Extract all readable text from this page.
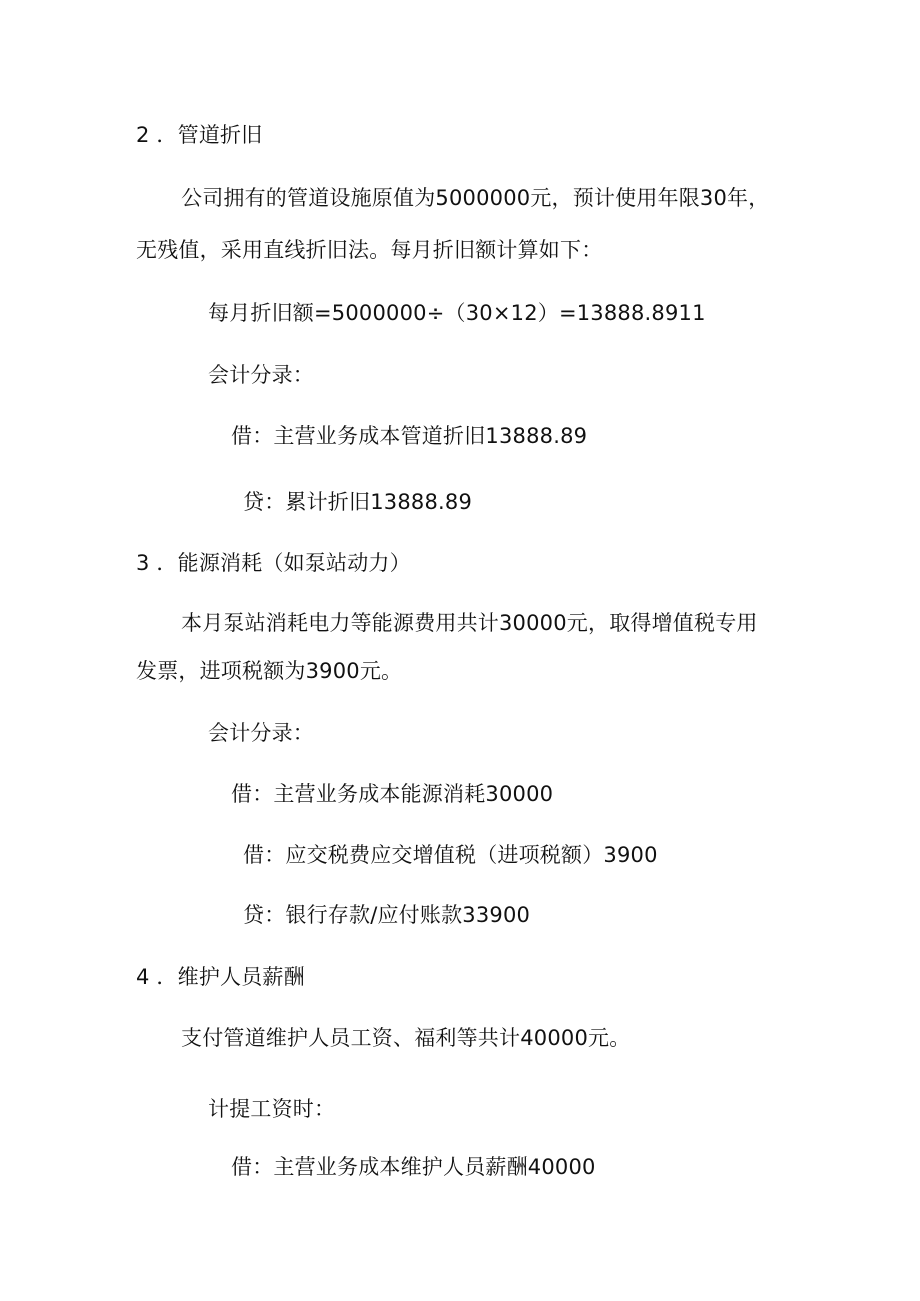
2 ．管道折旧
公司拥有的管道设施原值为5000000元，预计使用年限30年，
无残值，采用直线折旧法。每月折旧额计算如下：
每月折旧额=5000000÷（30×12）=13888.8911
会计分录：
借：主营业务成本管道折旧13888.89
贷：累计折旧13888.89
3 ．能源消耗（如泵站动力）
本月泵站消耗电力等能源费用共计30000元，取得增值税专用
发票，进项税额为3900元。
会计分录：
借：主营业务成本能源消耗30000
借：应交税费应交增值税（进项税额）3900
贷：银行存款/应付账款33900
4 ．维护人员薪酬
支付管道维护人员工资、福利等共计40000元。
计提工资时：
借：主营业务成本维护人员薪酬40000
